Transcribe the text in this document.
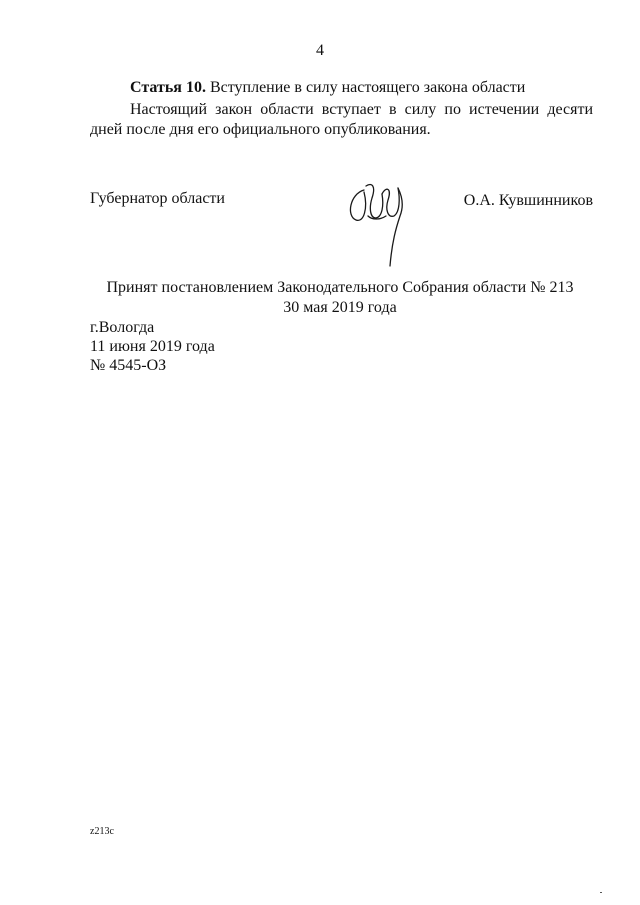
4

Статья 10. Вступление в силу настоящего закона области

Настоящий закон области вступает в силу по истечении десяти дней после дня его официального опубликования.

Губернатор области	О.А. Кувшинников
Принят постановлением Законодательного Собрания области № 213
30 мая 2019 года
г.Вологда
11 июня 2019 года
№ 4545-ОЗ
z213c
